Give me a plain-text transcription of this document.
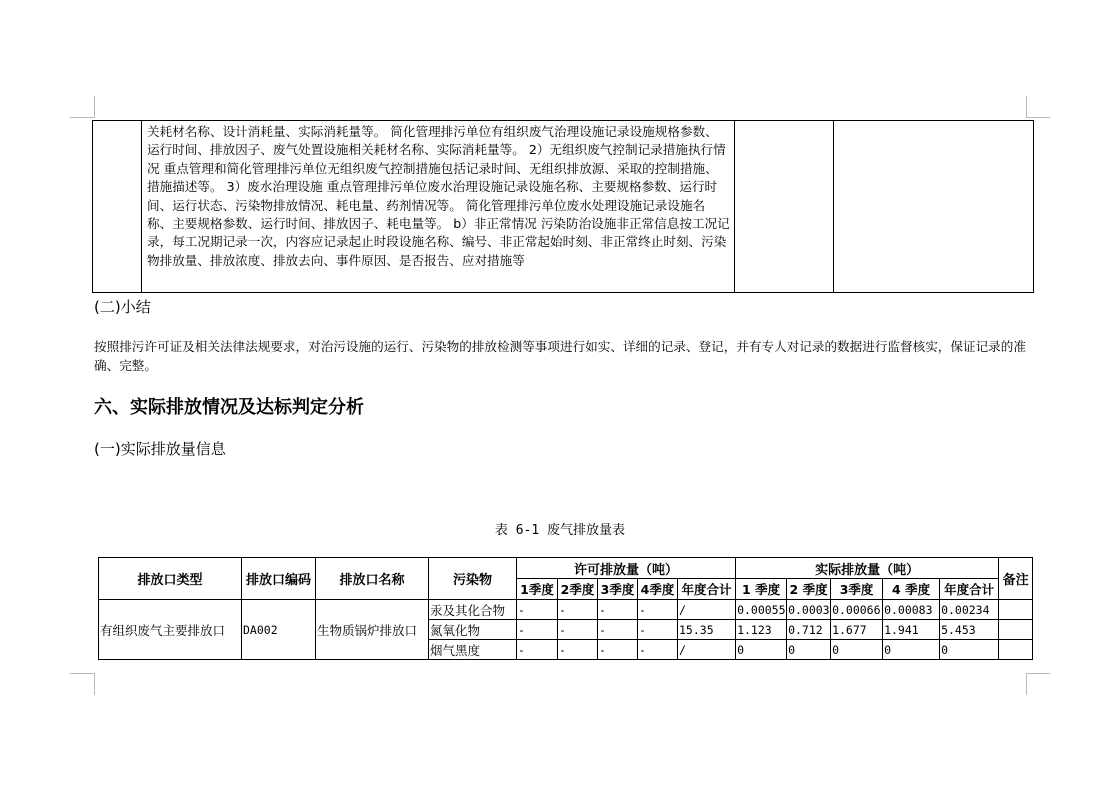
	关耗材名称、设计消耗量、实际消耗量等。 简化管理排污单位有组织废气治理设施记录设施规格参数、运行时间、排放因子、废气处置设施相关耗材名称、实际消耗量等。 2）无组织废气控制记录措施执行情况 重点管理和简化管理排污单位无组织废气控制措施包括记录时间、无组织排放源、采取的控制措施、措施描述等。 3）废水治理设施 重点管理排污单位废水治理设施记录设施名称、主要规格参数、运行时间、运行状态、污染物排放情况、耗电量、药剂情况等。 简化管理排污单位废水处理设施记录设施名称、主要规格参数、运行时间、排放因子、耗电量等。 b）非正常情况 污染防治设施非正常信息按工况记录，每工况期记录一次，内容应记录起止时段设施名称、编号、非正常起始时刻、非正常终止时刻、污染物排放量、排放浓度、排放去向、事件原因、是否报告、应对措施等		
(二)小结
按照排污许可证及相关法律法规要求，对治污设施的运行、污染物的排放检测等事项进行如实、详细的记录、登记，并有专人对记录的数据进行监督核实，保证记录的准确、完整。
六、实际排放情况及达标判定分析
(一)实际排放量信息
表 6-1 废气排放量表
排放口类型	排放口编码	排放口名称	污染物	许可排放量（吨）					实际排放量（吨）					备注
				1季度	2季度	3季度	4季度	年度合计	1 季度	2 季度	3季度	4 季度	年度合计	
有组织废气主要排放口	DA002	生物质锅炉排放口	汞及其化合物	-	-	-	-	/	0.00055	0.0003	0.00066	0.00083	0.00234	
			氮氧化物	-	-	-	-	15.35	1.123	0.712	1.677	1.941	5.453	
			烟气黑度	-	-	-	-	/	0	0	0	0	0	
